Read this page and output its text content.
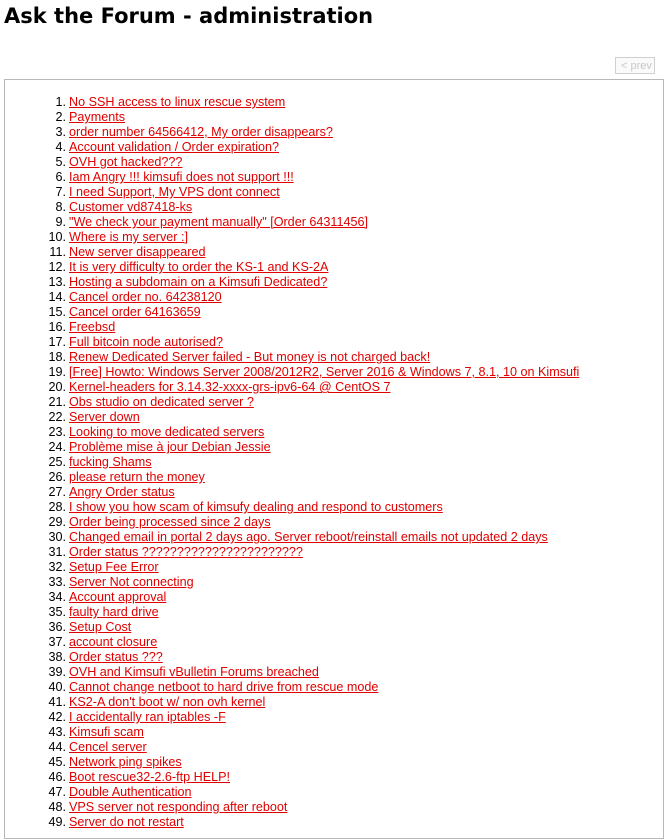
Ask the Forum - administration
< prev
No SSH access to linux rescue system
Payments
order number 64566412, My order disappears?
Account validation / Order expiration?
OVH got hacked???
Iam Angry !!! kimsufi does not support !!!
I need Support, My VPS dont connect
Customer vd87418-ks
"We check your payment manually" [Order 64311456]
Where is my server :]
New server disappeared
It is very difficulty to order the KS-1 and KS-2A
Hosting a subdomain on a Kimsufi Dedicated?
Cancel order no. 64238120
Cancel order 64163659
Freebsd
Full bitcoin node autorised?
Renew Dedicated Server failed - But money is not charged back!
[Free] Howto: Windows Server 2008/2012R2, Server 2016 & Windows 7, 8.1, 10 on Kimsufi
Kernel-headers for 3.14.32-xxxx-grs-ipv6-64 @ CentOS 7
Obs studio on dedicated server ?
Server down
Looking to move dedicated servers
Problème mise à jour Debian Jessie
fucking Shams
please return the money
Angry Order status
I show you how scam of kimsufy dealing and respond to customers
Order being processed since 2 days
Changed email in portal 2 days ago. Server reboot/reinstall emails not updated 2 days
Order status ???????????????????????
Setup Fee Error
Server Not connecting
Account approval
faulty hard drive
Setup Cost
account closure
Order status ???
OVH and Kimsufi vBulletin Forums breached
Cannot change netboot to hard drive from rescue mode
KS2-A don't boot w/ non ovh kernel
I accidentally ran iptables -F
Kimsufi scam
Cencel server
Network ping spikes
Boot rescue32-2.6-ftp HELP!
Double Authentication
VPS server not responding after reboot
Server do not restart
